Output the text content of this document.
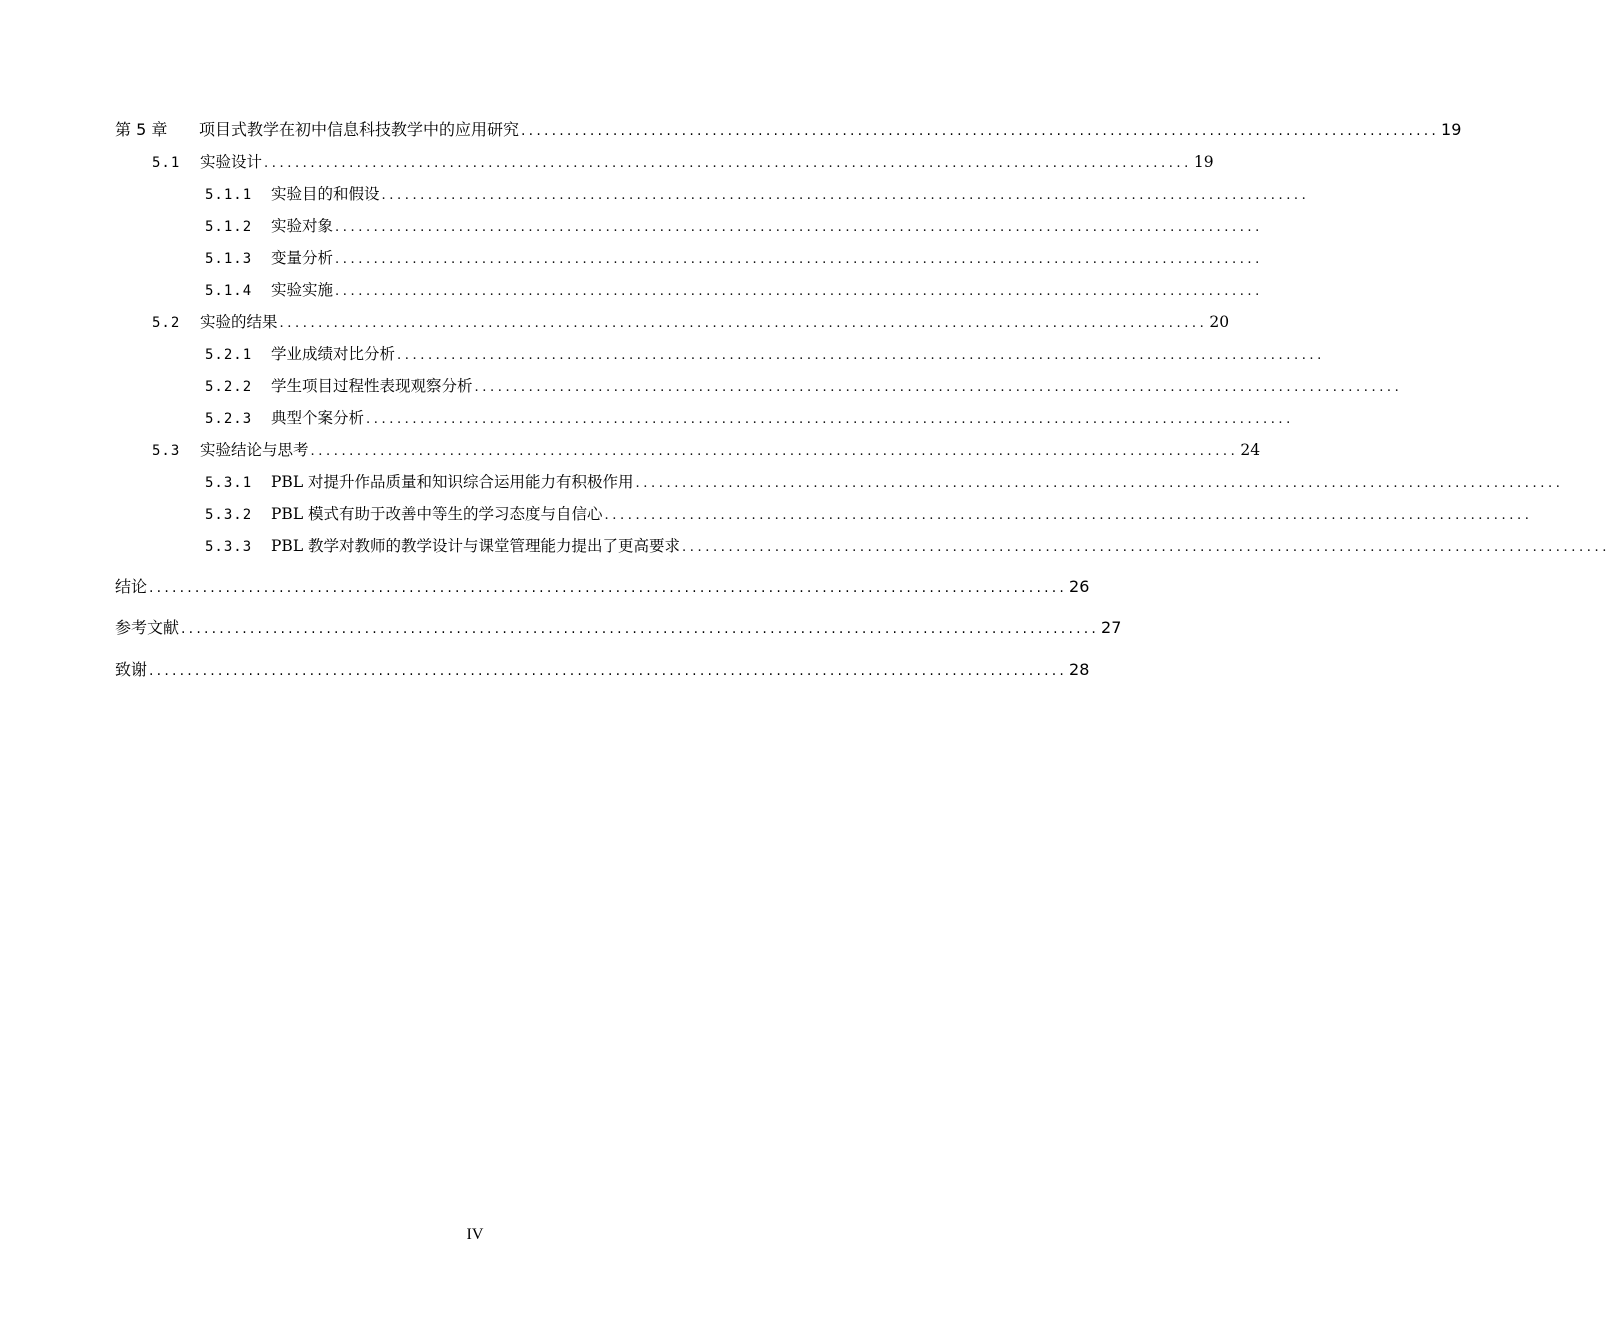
第 5 章	项目式教学在初中信息科技教学中的应用研究 ........................................................................................................................ 19
5.1	实验设计 ........................................................................................................................ 19
5.1.1	实验目的和假设 ........................................................................................................................
5.1.2	实验对象 ........................................................................................................................
5.1.3	变量分析 ........................................................................................................................
5.1.4	实验实施 ........................................................................................................................
5.2	实验的结果 ........................................................................................................................ 20
5.2.1	学业成绩对比分析 ........................................................................................................................
5.2.2	学生项目过程性表现观察分析 ........................................................................................................................
5.2.3	典型个案分析 ........................................................................................................................
5.3	实验结论与思考 ........................................................................................................................ 24
5.3.1	PBL 对提升作品质量和知识综合运用能力有积极作用 ........................................................................................................................
5.3.2	PBL 模式有助于改善中等生的学习态度与自信心 ........................................................................................................................
5.3.3	PBL 教学对教师的教学设计与课堂管理能力提出了更高要求 ........................................................................................................................
结论 ........................................................................................................................ 26
参考文献 ........................................................................................................................ 27
致谢 ........................................................................................................................ 28
IV
